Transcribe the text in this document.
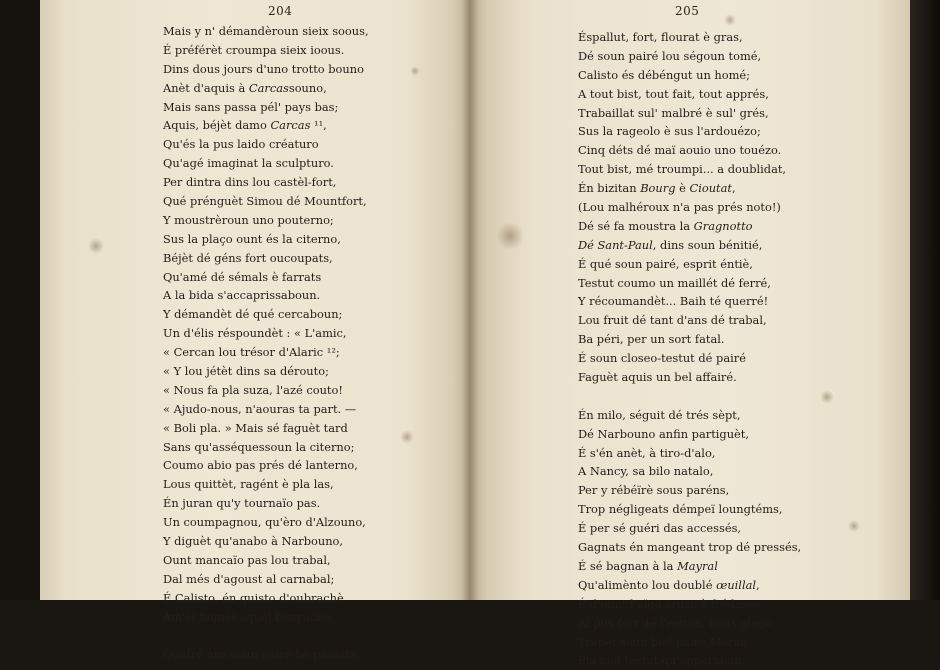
204
Mais y n' démandèroun sieix soous,
É préférèt croumpa sieix ioous.
Dins dous jours d'uno trotto bouno
Anèt d'aquis à Carcassouno,
Mais sans passa pél' pays bas;
Aquis, béjèt damo Carcas ¹¹,
Qu'és la pus laido créaturo
Qu'agé imaginat la sculpturo.
Per dintra dins lou castèl-fort,
Qué prénguèt Simou dé Mountfort,
Y moustrèroun uno pouterno;
Sus la plaço ount és la citerno,
Béjèt dé géns fort oucoupats,
Qu'amé dé sémals è farrats
A la bida s'accaprissaboun.
Y démandèt dé qué cercaboun;
Un d'élis réspoundèt : « L'amic,
« Cercan lou trésor d'Alaric ¹²;
« Y lou jétèt dins sa dérouto;
« Nous fa pla suza, l'azé couto!
« Ajudo-nous, n'aouras ta part. —
« Boli pla. » Mais sé faguèt tard
Sans qu'asséquessoun la citerno;
Coumo abio pas prés dé lanterno,
Lous quittèt, ragént è pla las,
Én juran qu'y tournaïo pas.
Un coumpagnou, qu'èro d'Alzouno,
Y diguèt qu'anabo à Narbouno,
Ount mancaïo pas lou trabal,
Dal més d'agoust al carnabal;
É Calisto, én quisto d'oubrachè,
Am'él faguèt aquél bouyachè.
Quatré ans soun gairé-bé passats;
205
Éspallut, fort, flourat è gras,
Dé soun pairé lou ségoun tomé,
Calisto és débéngut un homé;
A tout bist, tout fait, tout apprés,
Trabaillat sul' malbré è sul' grés,
Sus la rageolo è sus l'ardouézo;
Cinq déts dé maï aouio uno touézo.
Tout bist, mé troumpi... a doublidat,
Én bizitan Bourg è Cioutat,
(Lou malhéroux n'a pas prés noto!)
Dé sé fa moustra la Gragnotto
Dé Sant-Paul, dins soun bénitié,
É qué soun pairé, esprit éntiè,
Testut coumo un maillét dé ferré,
Y récoumandèt... Baih té querré!
Lou fruit dé tant d'ans dé trabal,
Ba péri, per un sort fatal.
É soun closeo-testut dé pairé
Faguèt aquis un bel affairé.
Én milo, séguit dé trés sèpt,
Dé Narbouno anfin partiguèt,
É s'én anèt, à tiro-d'alo,
A Nancy, sa bilo natalo,
Per y rébéïrè sous paréns,
Trop négligeats démpeï loungtéms,
É per sé guéri das accessés,
Gagnats én mangeant trop dé pressés,
É sé bagnan à la Mayral
Qu'alimènto lou doublé œuillal,
É d'ount l'aïgo cruzo è frédasso,
Al pus fort dé l'éstiou, bous glaço.
Trapèt soun biel pairé Moran
Pla maï testut qu'apparaban;
